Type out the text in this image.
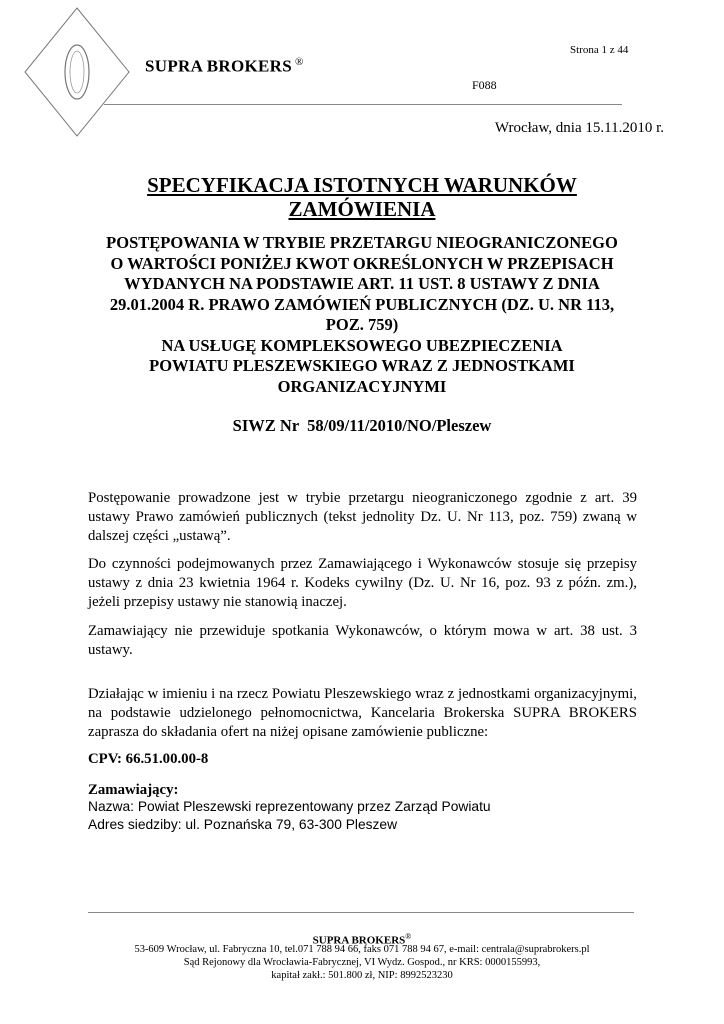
SUPRA BROKERS ®
Strona 1 z 44
F088
Wrocław, dnia 15.11.2010 r.
SPECYFIKACJA ISTOTNYCH WARUNKÓW
ZAMÓWIENIA
POSTĘPOWANIA W TRYBIE PRZETARGU NIEOGRANICZONEGO
O WARTOŚCI PONIŻEJ KWOT OKREŚLONYCH W PRZEPISACH
WYDANYCH NA PODSTAWIE ART. 11 UST. 8 USTAWY Z DNIA
29.01.2004 R. PRAWO ZAMÓWIEŃ PUBLICZNYCH (DZ. U. NR 113,
POZ. 759)
NA USŁUGĘ KOMPLEKSOWEGO UBEZPIECZENIA
POWIATU PLESZEWSKIEGO WRAZ Z JEDNOSTKAMI
ORGANIZACYJNYMI
SIWZ Nr  58/09/11/2010/NO/Pleszew
Postępowanie prowadzone jest w trybie przetargu nieograniczonego zgodnie z art. 39 ustawy Prawo zamówień publicznych (tekst jednolity Dz. U. Nr 113, poz. 759) zwaną w dalszej części „ustawą”.
Do czynności podejmowanych przez Zamawiającego i Wykonawców stosuje się przepisy ustawy z dnia 23 kwietnia 1964 r. Kodeks cywilny (Dz. U. Nr 16, poz. 93 z późn. zm.), jeżeli przepisy ustawy nie stanowią inaczej.
Zamawiający nie przewiduje spotkania Wykonawców, o którym mowa w art. 38 ust. 3 ustawy.
Działając w imieniu i na rzecz Powiatu Pleszewskiego wraz z jednostkami organizacyjnymi, na podstawie udzielonego pełnomocnictwa, Kancelaria Brokerska SUPRA BROKERS zaprasza do składania ofert na niżej opisane zamówienie publiczne:
CPV: 66.51.00.00-8
Zamawiający:
Nazwa: Powiat Pleszewski reprezentowany przez Zarząd Powiatu
Adres siedziby: ul. Poznańska 79, 63-300 Pleszew
SUPRA BROKERS®
53-609 Wrocław, ul. Fabryczna 10, tel.071 788 94 66, faks 071 788 94 67, e-mail: centrala@suprabrokers.pl
Sąd Rejonowy dla Wrocławia-Fabrycznej, VI Wydz. Gospod., nr KRS: 0000155993,
kapitał zakł.: 501.800 zł, NIP: 8992523230
